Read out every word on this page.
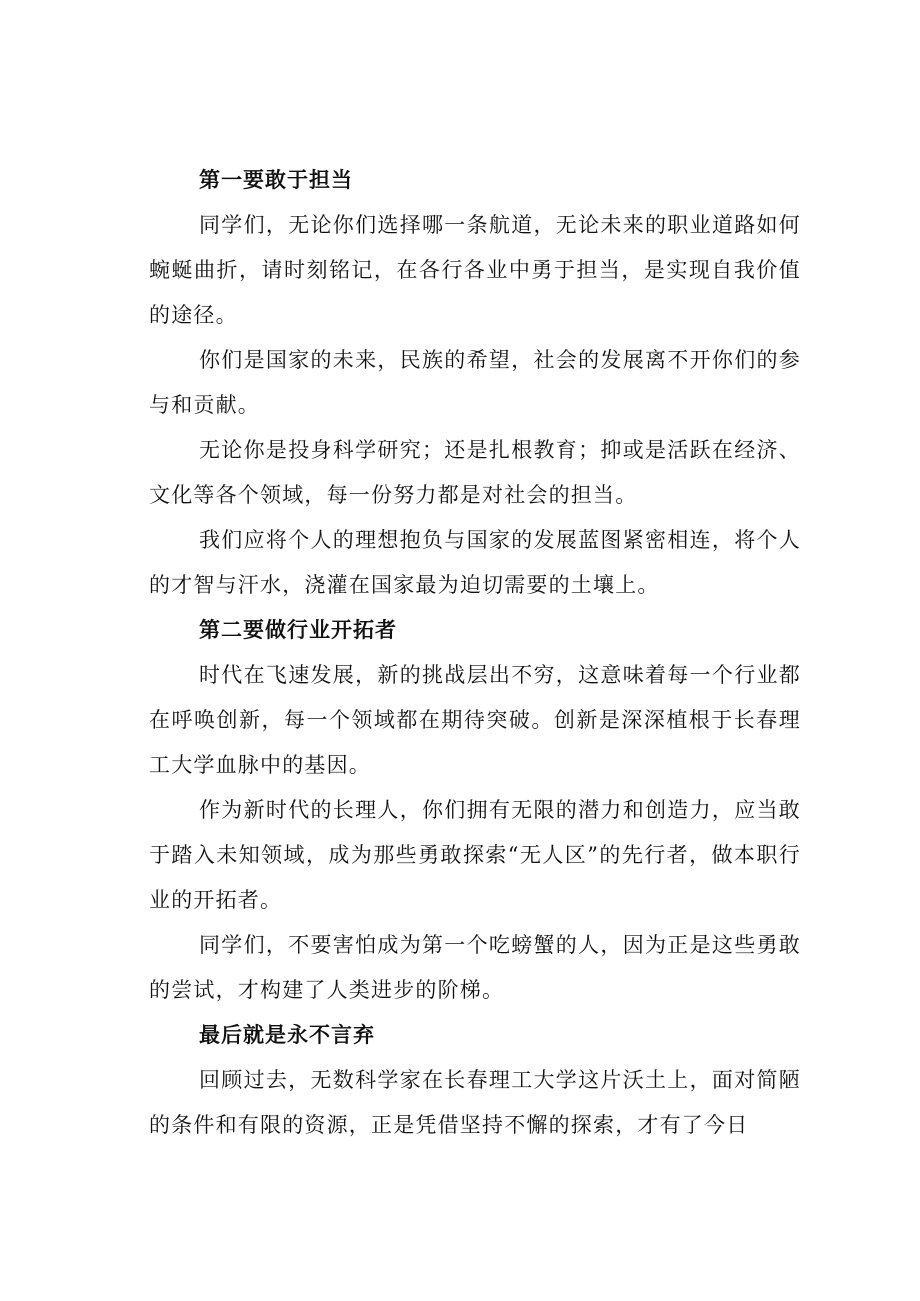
第一要敢于担当

同学们，无论你们选择哪一条航道，无论未来的职业道路如何蜿蜒曲折，请时刻铭记，在各行各业中勇于担当，是实现自我价值的途径。

你们是国家的未来，民族的希望，社会的发展离不开你们的参与和贡献。

无论你是投身科学研究；还是扎根教育；抑或是活跃在经济、文化等各个领域，每一份努力都是对社会的担当。

我们应将个人的理想抱负与国家的发展蓝图紧密相连，将个人的才智与汗水，浇灌在国家最为迫切需要的土壤上。

第二要做行业开拓者

时代在飞速发展，新的挑战层出不穷，这意味着每一个行业都在呼唤创新，每一个领域都在期待突破。创新是深深植根于长春理工大学血脉中的基因。

作为新时代的长理人，你们拥有无限的潜力和创造力，应当敢于踏入未知领域，成为那些勇敢探索“无人区”的先行者，做本职行业的开拓者。

同学们，不要害怕成为第一个吃螃蟹的人，因为正是这些勇敢的尝试，才构建了人类进步的阶梯。

最后就是永不言弃

回顾过去，无数科学家在长春理工大学这片沃土上，面对简陋的条件和有限的资源，正是凭借坚持不懈的探索，才有了今日
